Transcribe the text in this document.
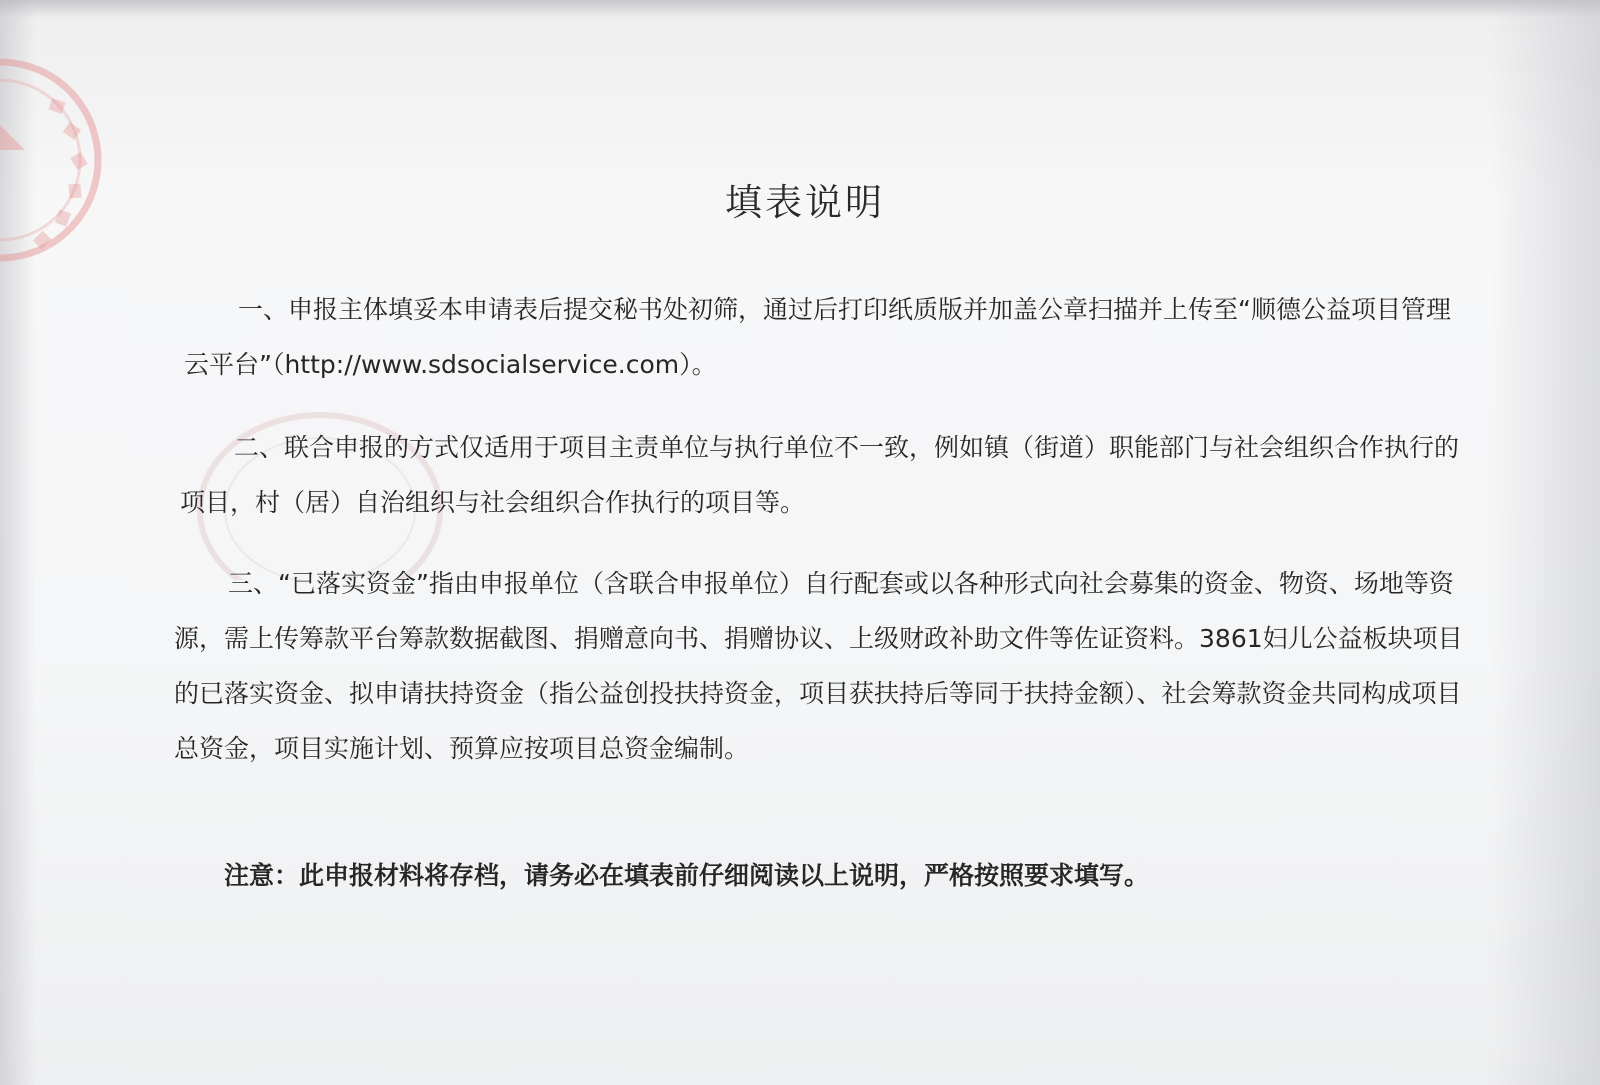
填表说明

一、申报主体填妥本申请表后提交秘书处初筛，通过后打印纸质版并加盖公章扫描并上传至“顺德公益项目管理云平台”（http://www.sdsocialservice.com）。

二、联合申报的方式仅适用于项目主责单位与执行单位不一致，例如镇（街道）职能部门与社会组织合作执行的项目，村（居）自治组织与社会组织合作执行的项目等。

三、“已落实资金”指由申报单位（含联合申报单位）自行配套或以各种形式向社会募集的资金、物资、场地等资源，需上传筹款平台筹款数据截图、捐赠意向书、捐赠协议、上级财政补助文件等佐证资料。3861妇儿公益板块项目的已落实资金、拟申请扶持资金（指公益创投扶持资金，项目获扶持后等同于扶持金额）、社会筹款资金共同构成项目总资金，项目实施计划、预算应按项目总资金编制。

注意：此申报材料将存档，请务必在填表前仔细阅读以上说明，严格按照要求填写。
